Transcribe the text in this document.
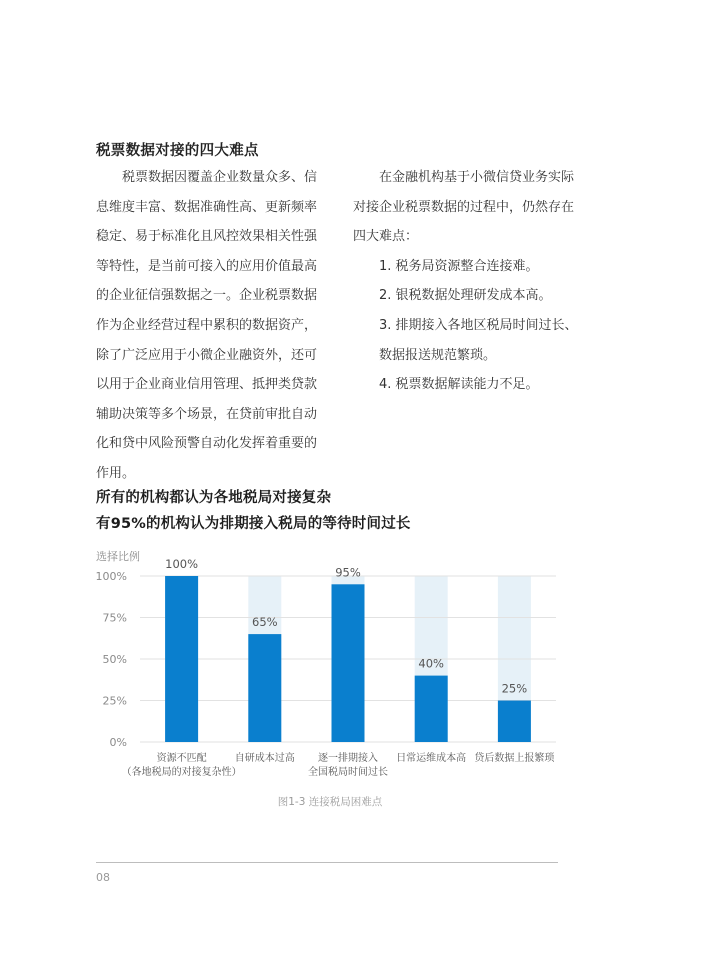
税票数据对接的四大难点

税票数据因覆盖企业数量众多、信息维度丰富、数据准确性高、更新频率稳定、易于标准化且风控效果相关性强等特性，是当前可接入的应用价值最高的企业征信强数据之一。企业税票数据作为企业经营过程中累积的数据资产，除了广泛应用于小微企业融资外，还可以用于企业商业信用管理、抵押类贷款辅助决策等多个场景，在贷前审批自动化和贷中风险预警自动化发挥着重要的作用。

在金融机构基于小微信贷业务实际对接企业税票数据的过程中，仍然存在四大难点：

1. 税务局资源整合连接难。

2. 银税数据处理研发成本高。

3. 排期接入各地区税局时间过长、

数据报送规范繁琐。

4. 税票数据解读能力不足。

所有的机构都认为各地税局对接复杂
有95%的机构认为排期接入税局的等待时间过长
选择比例
0%
25%
50%
75%
100%
100%
资源不匹配
（各地税局的对接复杂性）
65%
自研成本过高
95%
逐一排期接入
全国税局时间过长
40%
日常运维成本高
25%
贷后数据上报繁琐
图1-3 连接税局困难点
08
